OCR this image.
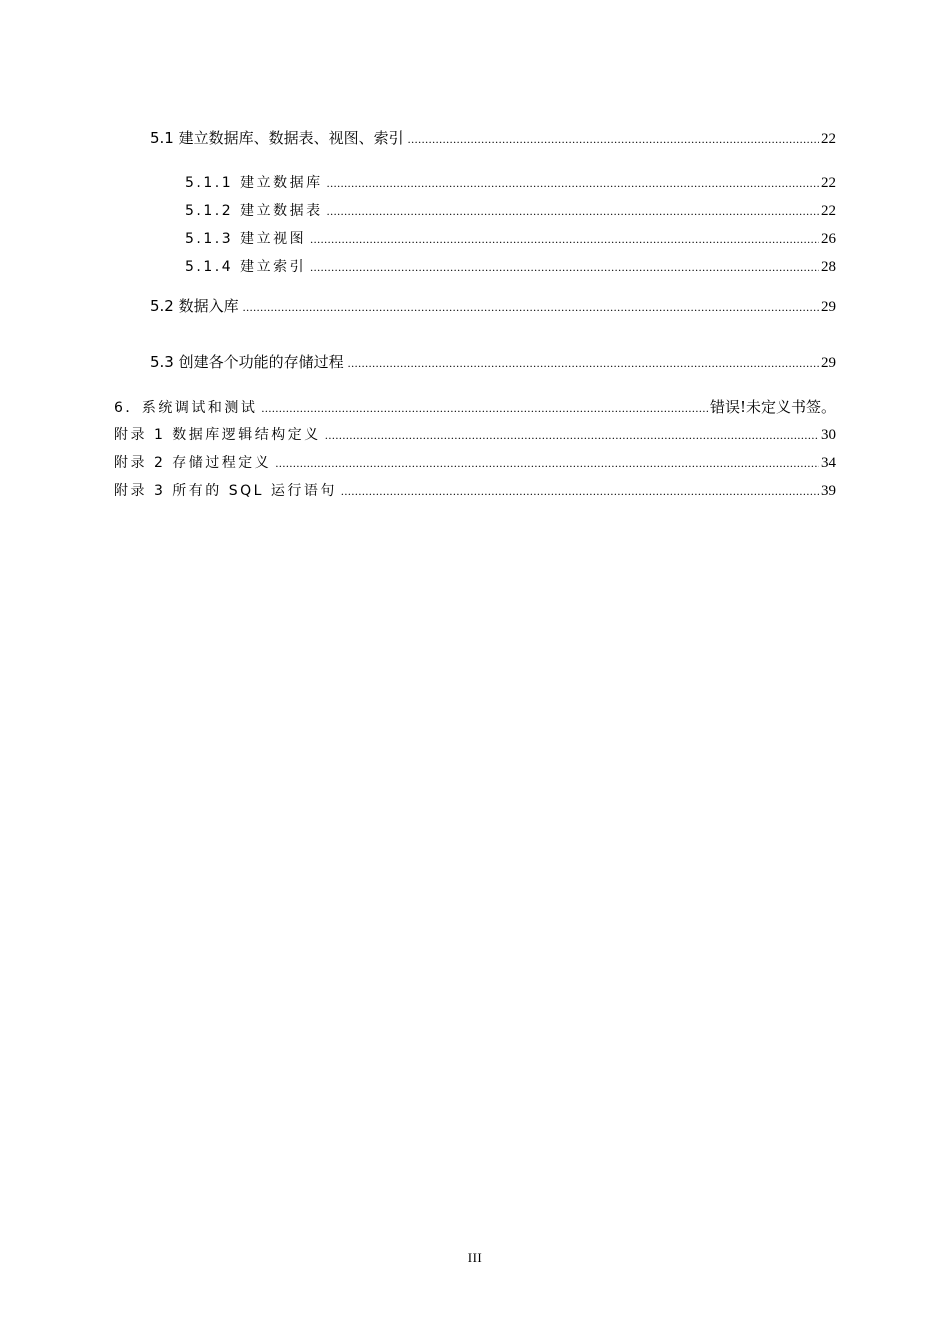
5.1 建立数据库、数据表、视图、索引 .....	22
5.1.1 建立数据库 .....	22
5.1.2 建立数据表 .....	22
5.1.3 建立视图 .....	26
5.1.4 建立索引 .....	28
5.2 数据入库 .....	29
5.3 创建各个功能的存储过程 .....	29
6．系统调试和测试 .....	错误!未定义书签。
附录 1 数据库逻辑结构定义 .....	30
附录 2 存储过程定义 .....	34
附录 3 所有的 SQL 运行语句 .....	39
III
